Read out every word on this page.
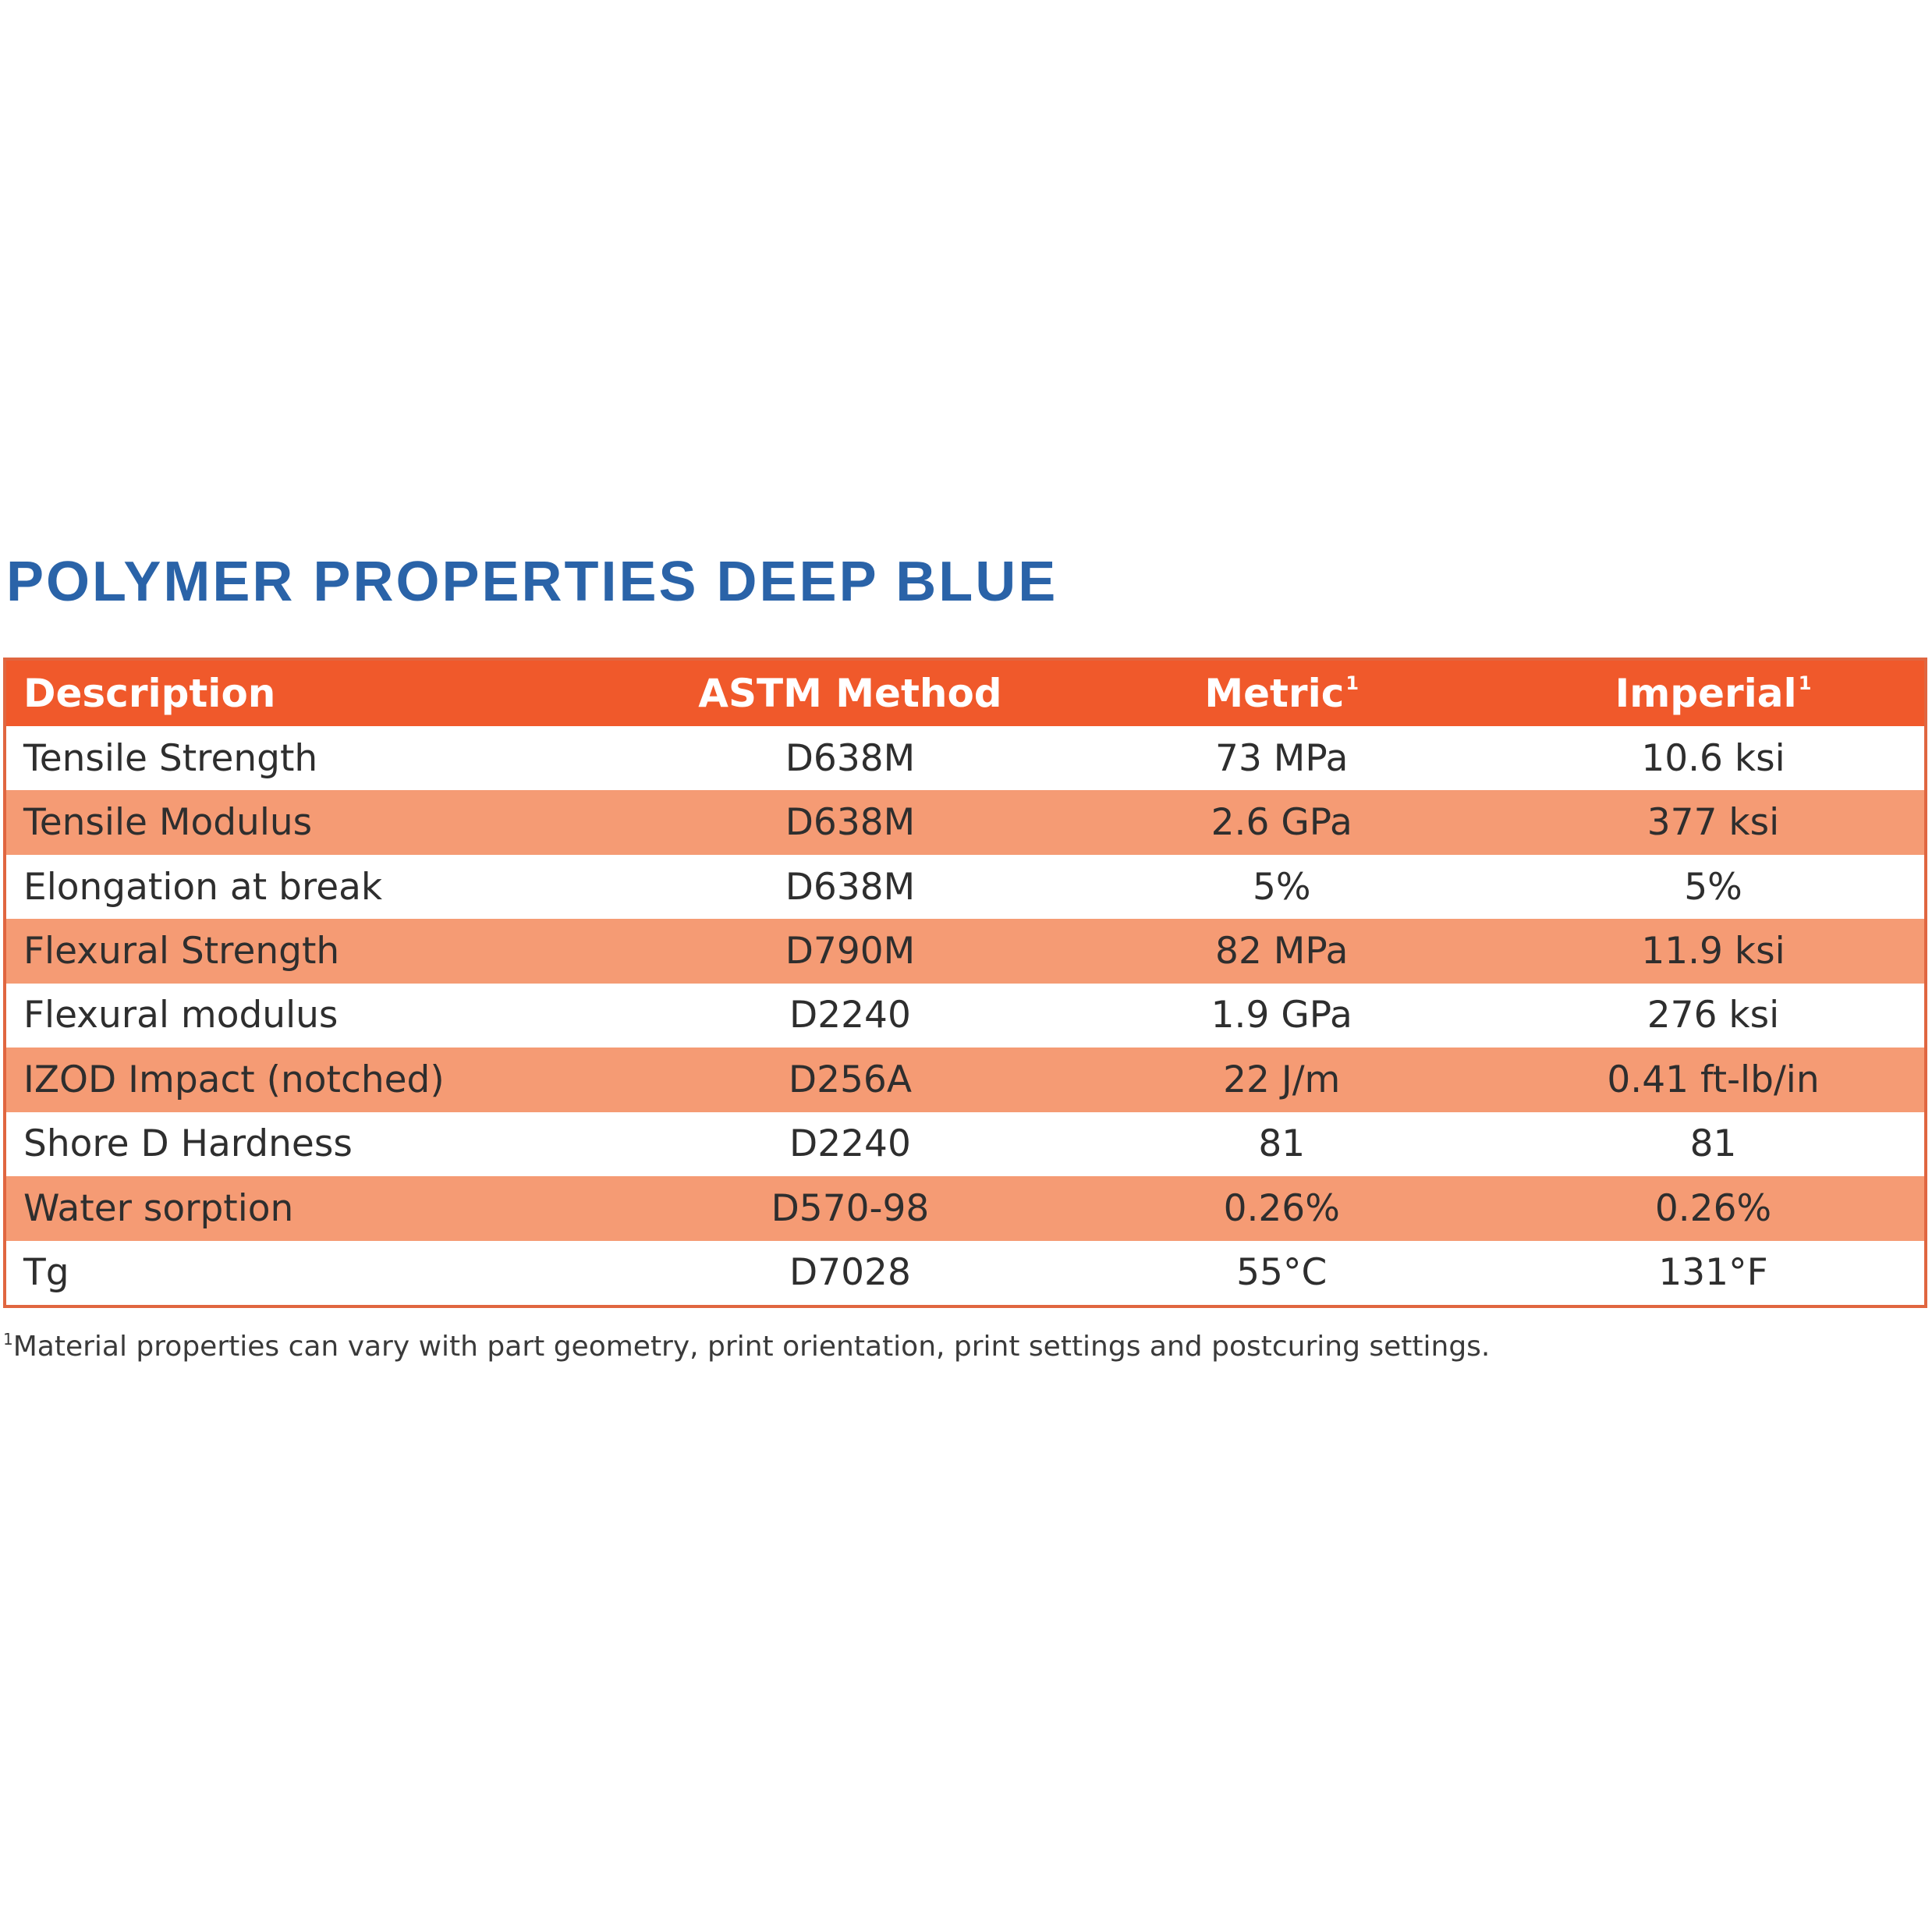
POLYMER PROPERTIES DEEP BLUE
Description	ASTM Method	Metric$^1$	Imperial$^1$
Tensile Strength	D638M	73 MPa	10.6 ksi
Tensile Modulus	D638M	2.6 GPa	377 ksi
Elongation at break	D638M	5%	5%
Flexural Strength	D790M	82 MPa	11.9 ksi
Flexural modulus	D2240	1.9 GPa	276 ksi
IZOD Impact (notched)	D256A	22 J/m	0.41 ft-lb/in
Shore D Hardness	D2240	81	81
Water sorption	D570-98	0.26%	0.26%
Tg	D7028	55°C	131°F
$^1$Material properties can vary with part geometry, print orientation, print settings and postcuring settings.
